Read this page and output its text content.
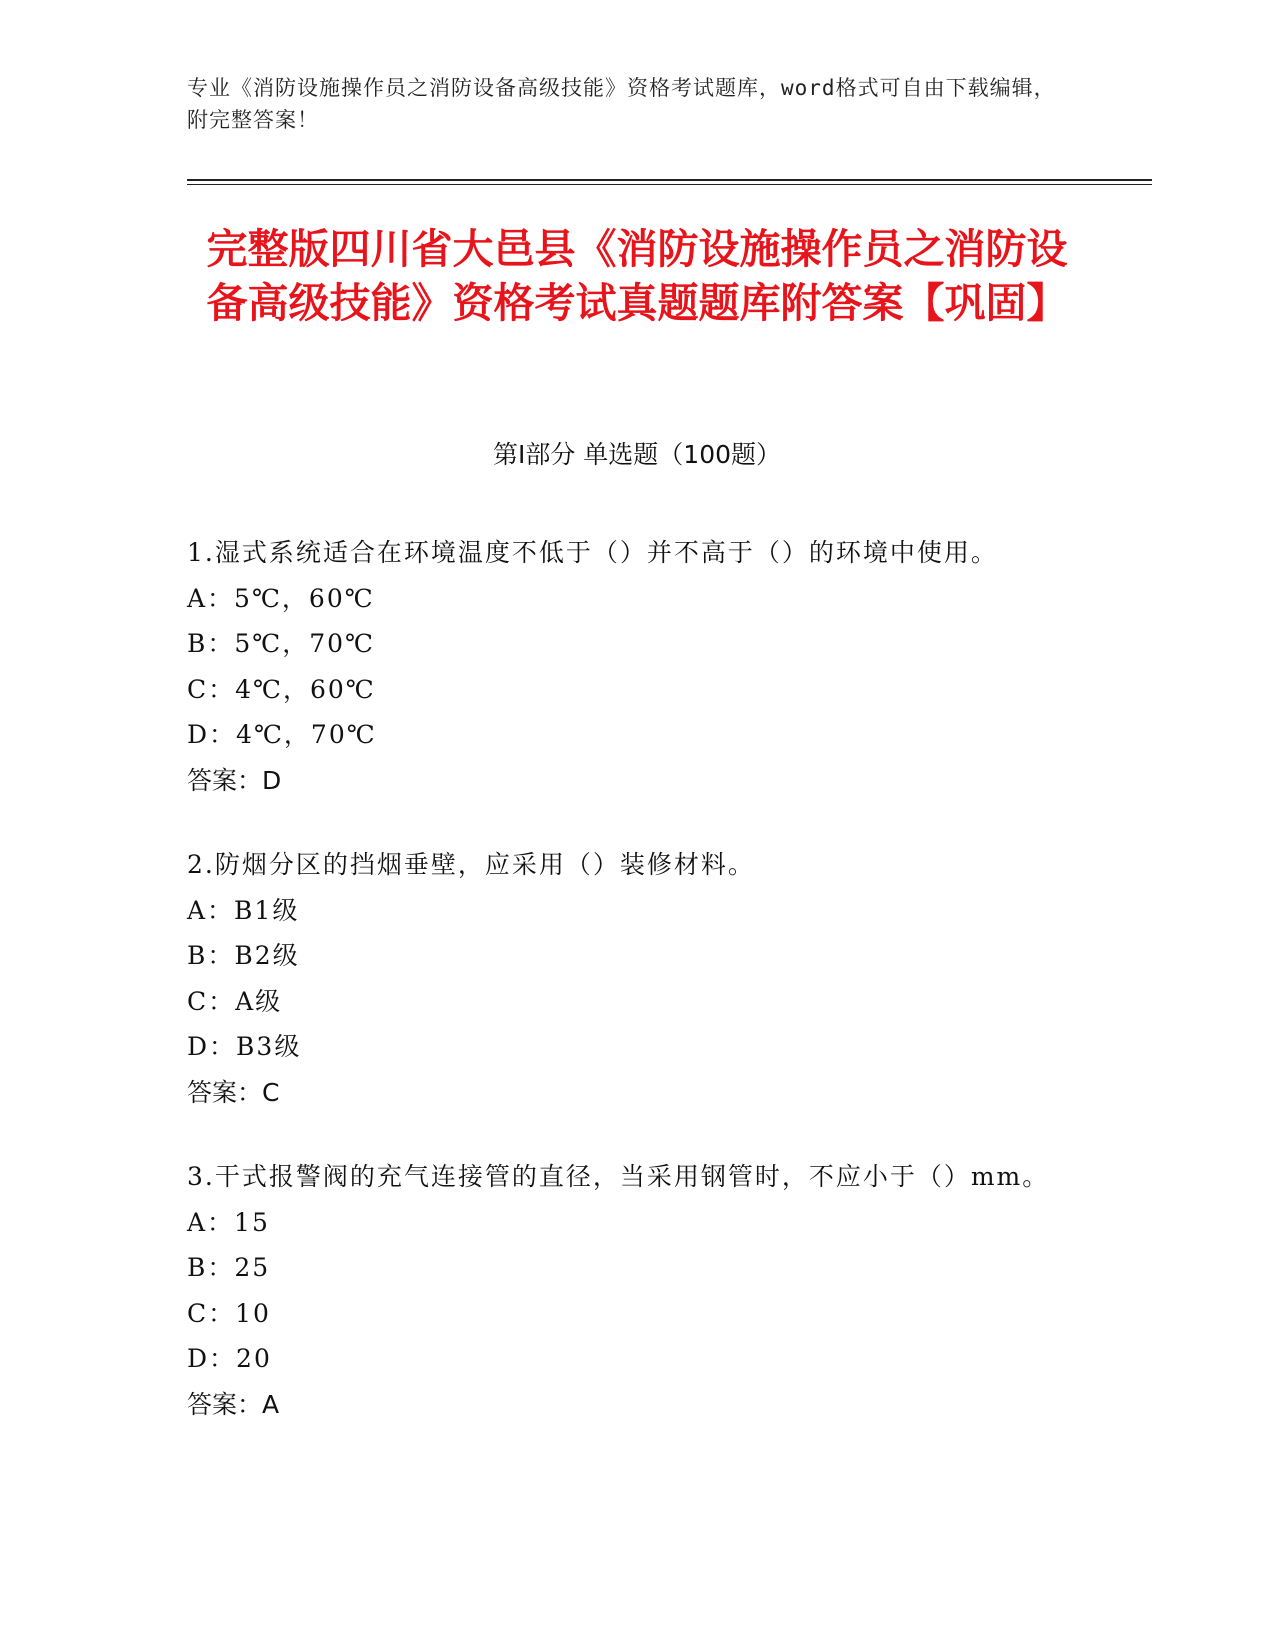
专业《消防设施操作员之消防设备高级技能》资格考试题库，word格式可自由下载编辑，附完整答案！
完整版四川省大邑县《消防设施操作员之消防设备高级技能》资格考试真题题库附答案【巩固】
第I部分 单选题（100题）
1.湿式系统适合在环境温度不低于（）并不高于（）的环境中使用。
A：5℃，60℃
B：5℃，70℃
C：4℃，60℃
D：4℃，70℃
答案：D
2.防烟分区的挡烟垂壁，应采用（）装修材料。
A：B1级
B：B2级
C：A级
D：B3级
答案：C
3.干式报警阀的充气连接管的直径，当采用钢管时，不应小于（）mm。
A：15
B：25
C：10
D：20
答案：A
